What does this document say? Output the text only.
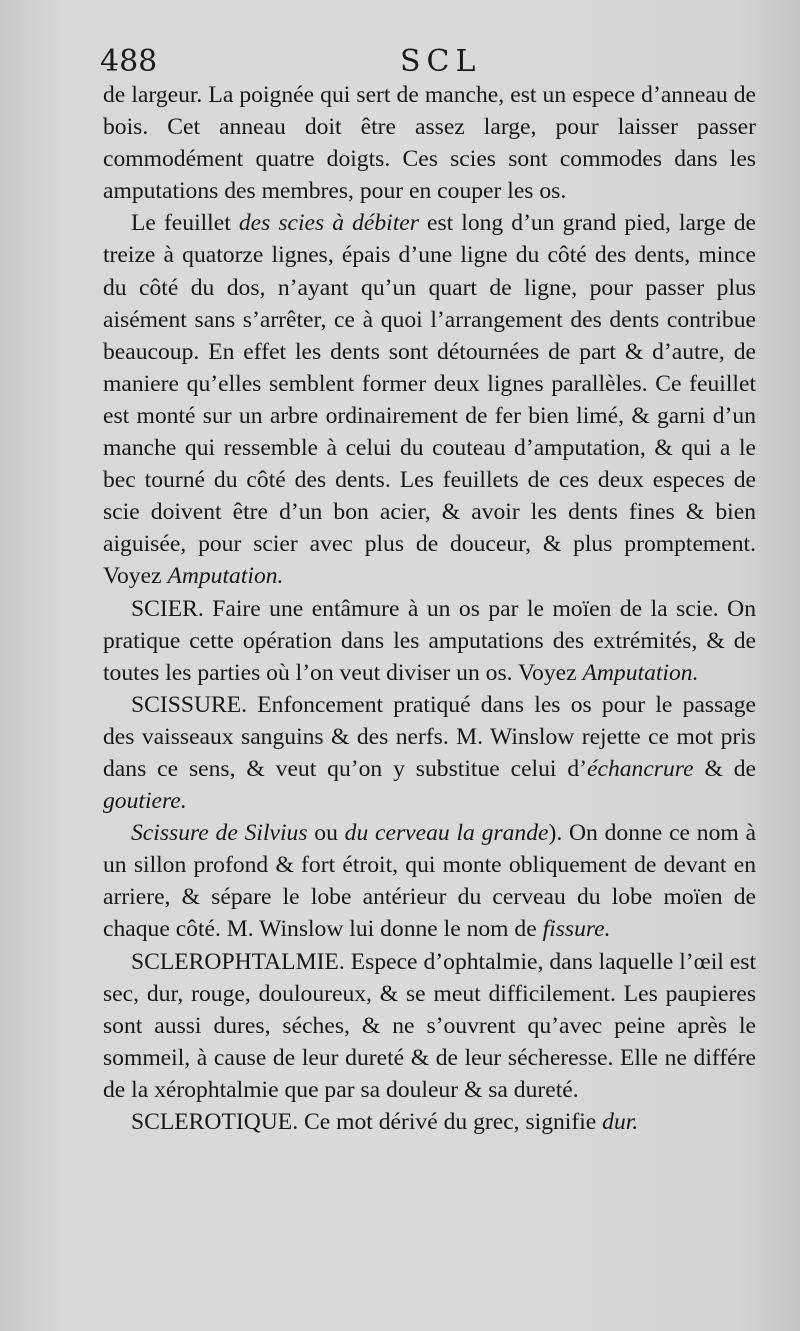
488	SCL

de largeur. La poignée qui sert de manche, est un espece d’anneau de bois. Cet anneau doit être assez large, pour laisser passer commodément quatre doigts. Ces scies sont commodes dans les amputations des membres, pour en couper les os.

Le feuillet des scies à débiter est long d’un grand pied, large de treize à quatorze lignes, épais d’une ligne du côté des dents, mince du côté du dos, n’ayant qu’un quart de ligne, pour passer plus aisément sans s’arrêter, ce à quoi l’arrangement des dents contribue beaucoup. En effet les dents sont détournées de part & d’autre, de maniere qu’elles semblent former deux lignes parallèles. Ce feuillet est monté sur un arbre ordinairement de fer bien limé, & garni d’un manche qui ressemble à celui du couteau d’amputation, & qui a le bec tourné du côté des dents. Les feuillets de ces deux especes de scie doivent être d’un bon acier, & avoir les dents fines & bien aiguisée, pour scier avec plus de douceur, & plus promptement. Voyez Amputation.

SCIER. Faire une entâmure à un os par le moïen de la scie. On pratique cette opération dans les amputations des extrémités, & de toutes les parties où l’on veut diviser un os. Voyez Amputation.

SCISSURE. Enfoncement pratiqué dans les os pour le passage des vaisseaux sanguins & des nerfs. M. Winslow rejette ce mot pris dans ce sens, & veut qu’on y substitue celui d’échancrure & de goutiere.

Scissure de Silvius ou du cerveau la grande). On donne ce nom à un sillon profond & fort étroit, qui monte obliquement de devant en arriere, & sépare le lobe antérieur du cerveau du lobe moïen de chaque côté. M. Winslow lui donne le nom de fissure.

SCLEROPHTALMIE. Espece d’ophtalmie, dans laquelle l’œil est sec, dur, rouge, douloureux, & se meut difficilement. Les paupieres sont aussi dures, séches, & ne s’ouvrent qu’avec peine après le sommeil, à cause de leur dureté & de leur sécheresse. Elle ne différe de la xérophtalmie que par sa douleur & sa dureté.

SCLEROTIQUE. Ce mot dérivé du grec, signifie dur.
